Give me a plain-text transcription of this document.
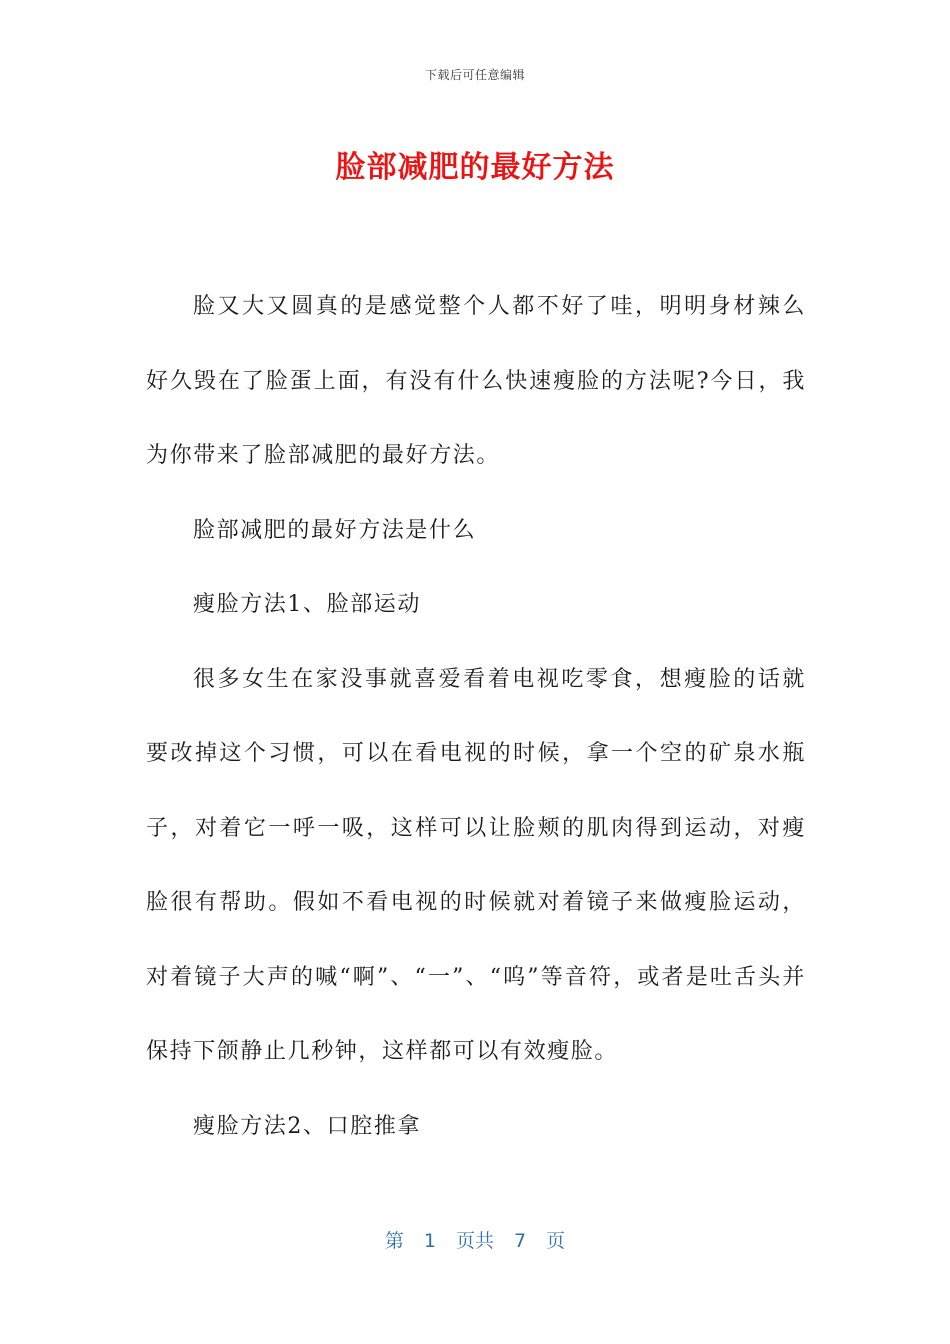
下载后可任意编辑
脸部减肥的最好方法

脸又大又圆真的是感觉整个人都不好了哇，明明身材辣么好久毁在了脸蛋上面，有没有什么快速瘦脸的方法呢?今日，我为你带来了脸部减肥的最好方法。

脸部减肥的最好方法是什么

瘦脸方法1、脸部运动

很多女生在家没事就喜爱看着电视吃零食，想瘦脸的话就要改掉这个习惯，可以在看电视的时候，拿一个空的矿泉水瓶子，对着它一呼一吸，这样可以让脸颊的肌肉得到运动，对瘦脸很有帮助。假如不看电视的时候就对着镜子来做瘦脸运动，对着镜子大声的喊“啊”、“一”、“呜”等音符，或者是吐舌头并保持下颌静止几秒钟，这样都可以有效瘦脸。

瘦脸方法2、口腔推拿

第 1 页共 7 页
